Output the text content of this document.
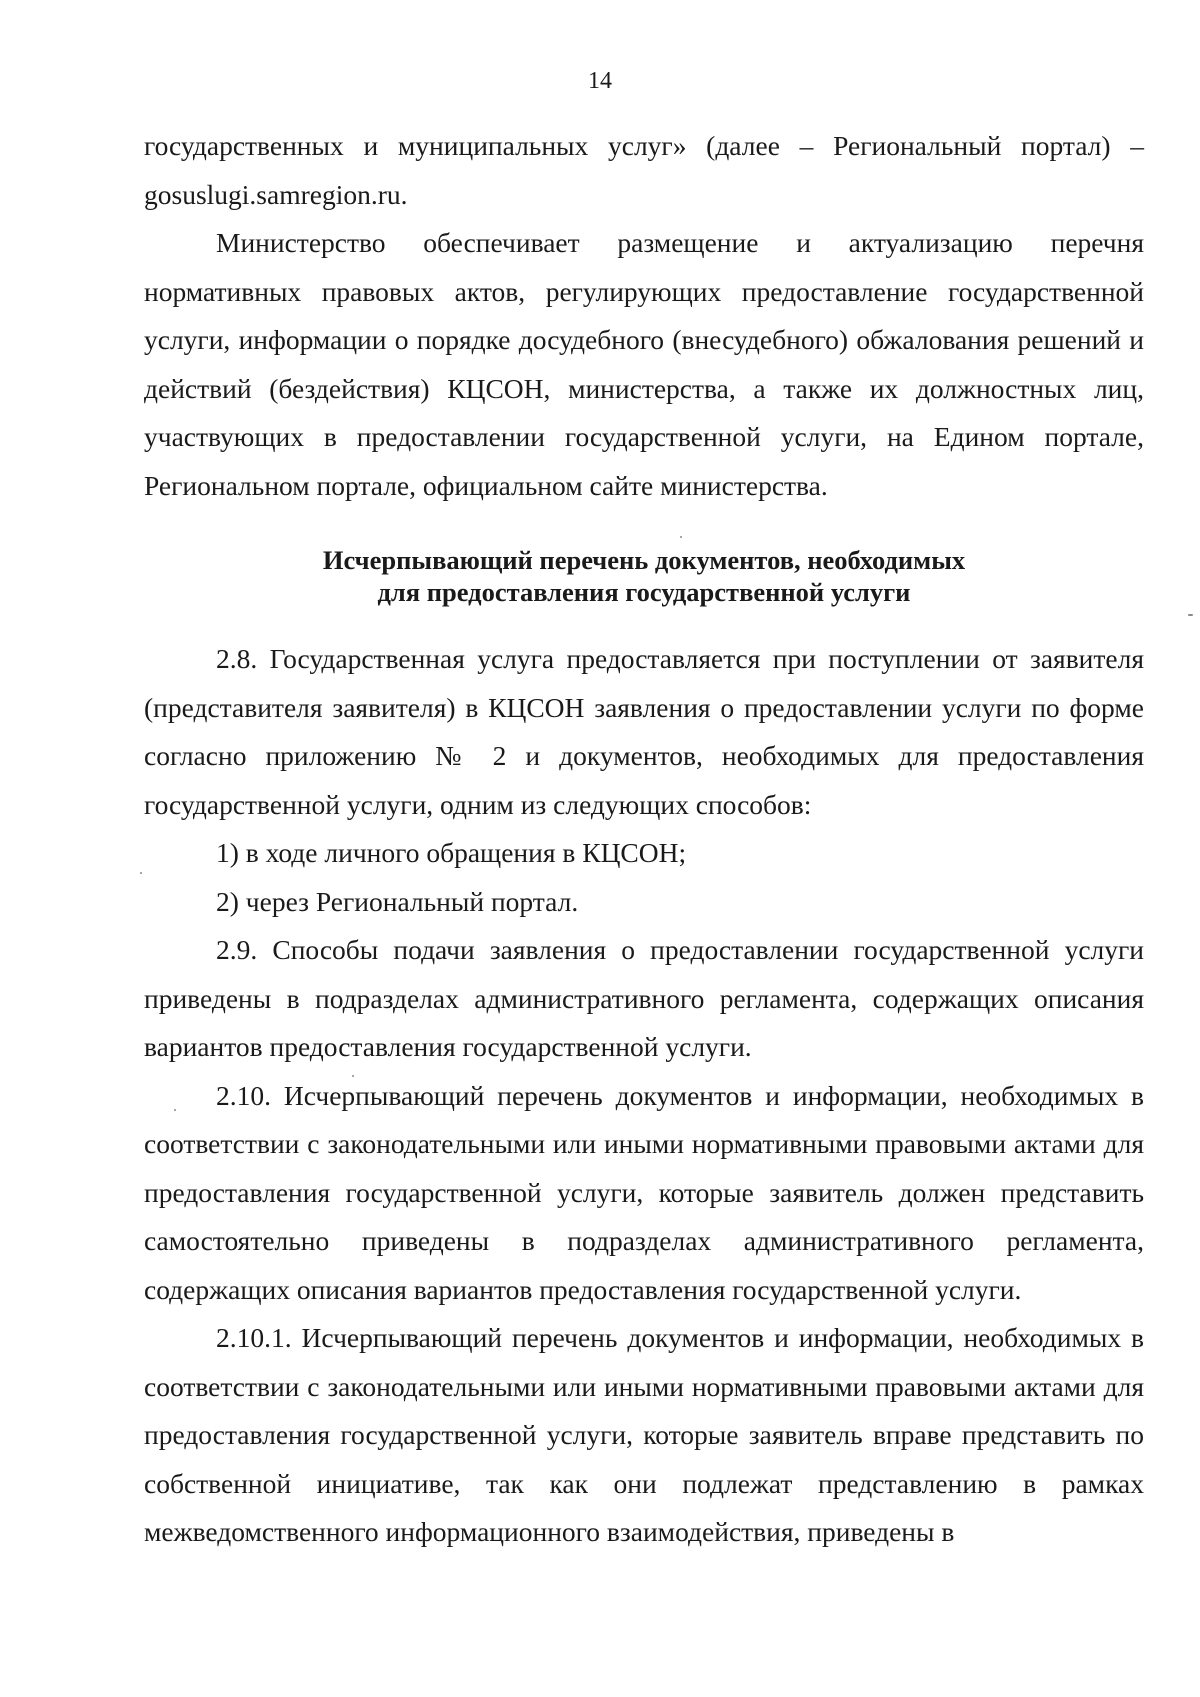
14

государственных и муниципальных услуг» (далее – Региональный портал) – gosuslugi.samregion.ru.

Министерство обеспечивает размещение и актуализацию перечня нормативных правовых актов, регулирующих предоставление государственной услуги, информации о порядке досудебного (внесудебного) обжалования решений и действий (бездействия) КЦСОН, министерства, а также их должностных лиц, участвующих в предоставлении государственной услуги, на Едином портале, Региональном портале, официальном сайте министерства.

Исчерпывающий перечень документов, необходимых
для предоставления государственной услуги

2.8. Государственная услуга предоставляется при поступлении от заявителя (представителя заявителя) в КЦСОН заявления о предоставлении услуги по форме согласно приложению № 2 и документов, необходимых для предоставления государственной услуги, одним из следующих способов:

1) в ходе личного обращения в КЦСОН;

2) через Региональный портал.

2.9. Способы подачи заявления о предоставлении государственной услуги приведены в подразделах административного регламента, содержащих описания вариантов предоставления государственной услуги.

2.10. Исчерпывающий перечень документов и информации, необходимых в соответствии с законодательными или иными нормативными правовыми актами для предоставления государственной услуги, которые заявитель должен представить самостоятельно приведены в подразделах административного регламента, содержащих описания вариантов предоставления государственной услуги.

2.10.1. Исчерпывающий перечень документов и информации, необходимых в соответствии с законодательными или иными нормативными правовыми актами для предоставления государственной услуги, которые заявитель вправе представить по собственной инициативе, так как они подлежат представлению в рамках межведомственного информационного взаимодействия, приведены в
